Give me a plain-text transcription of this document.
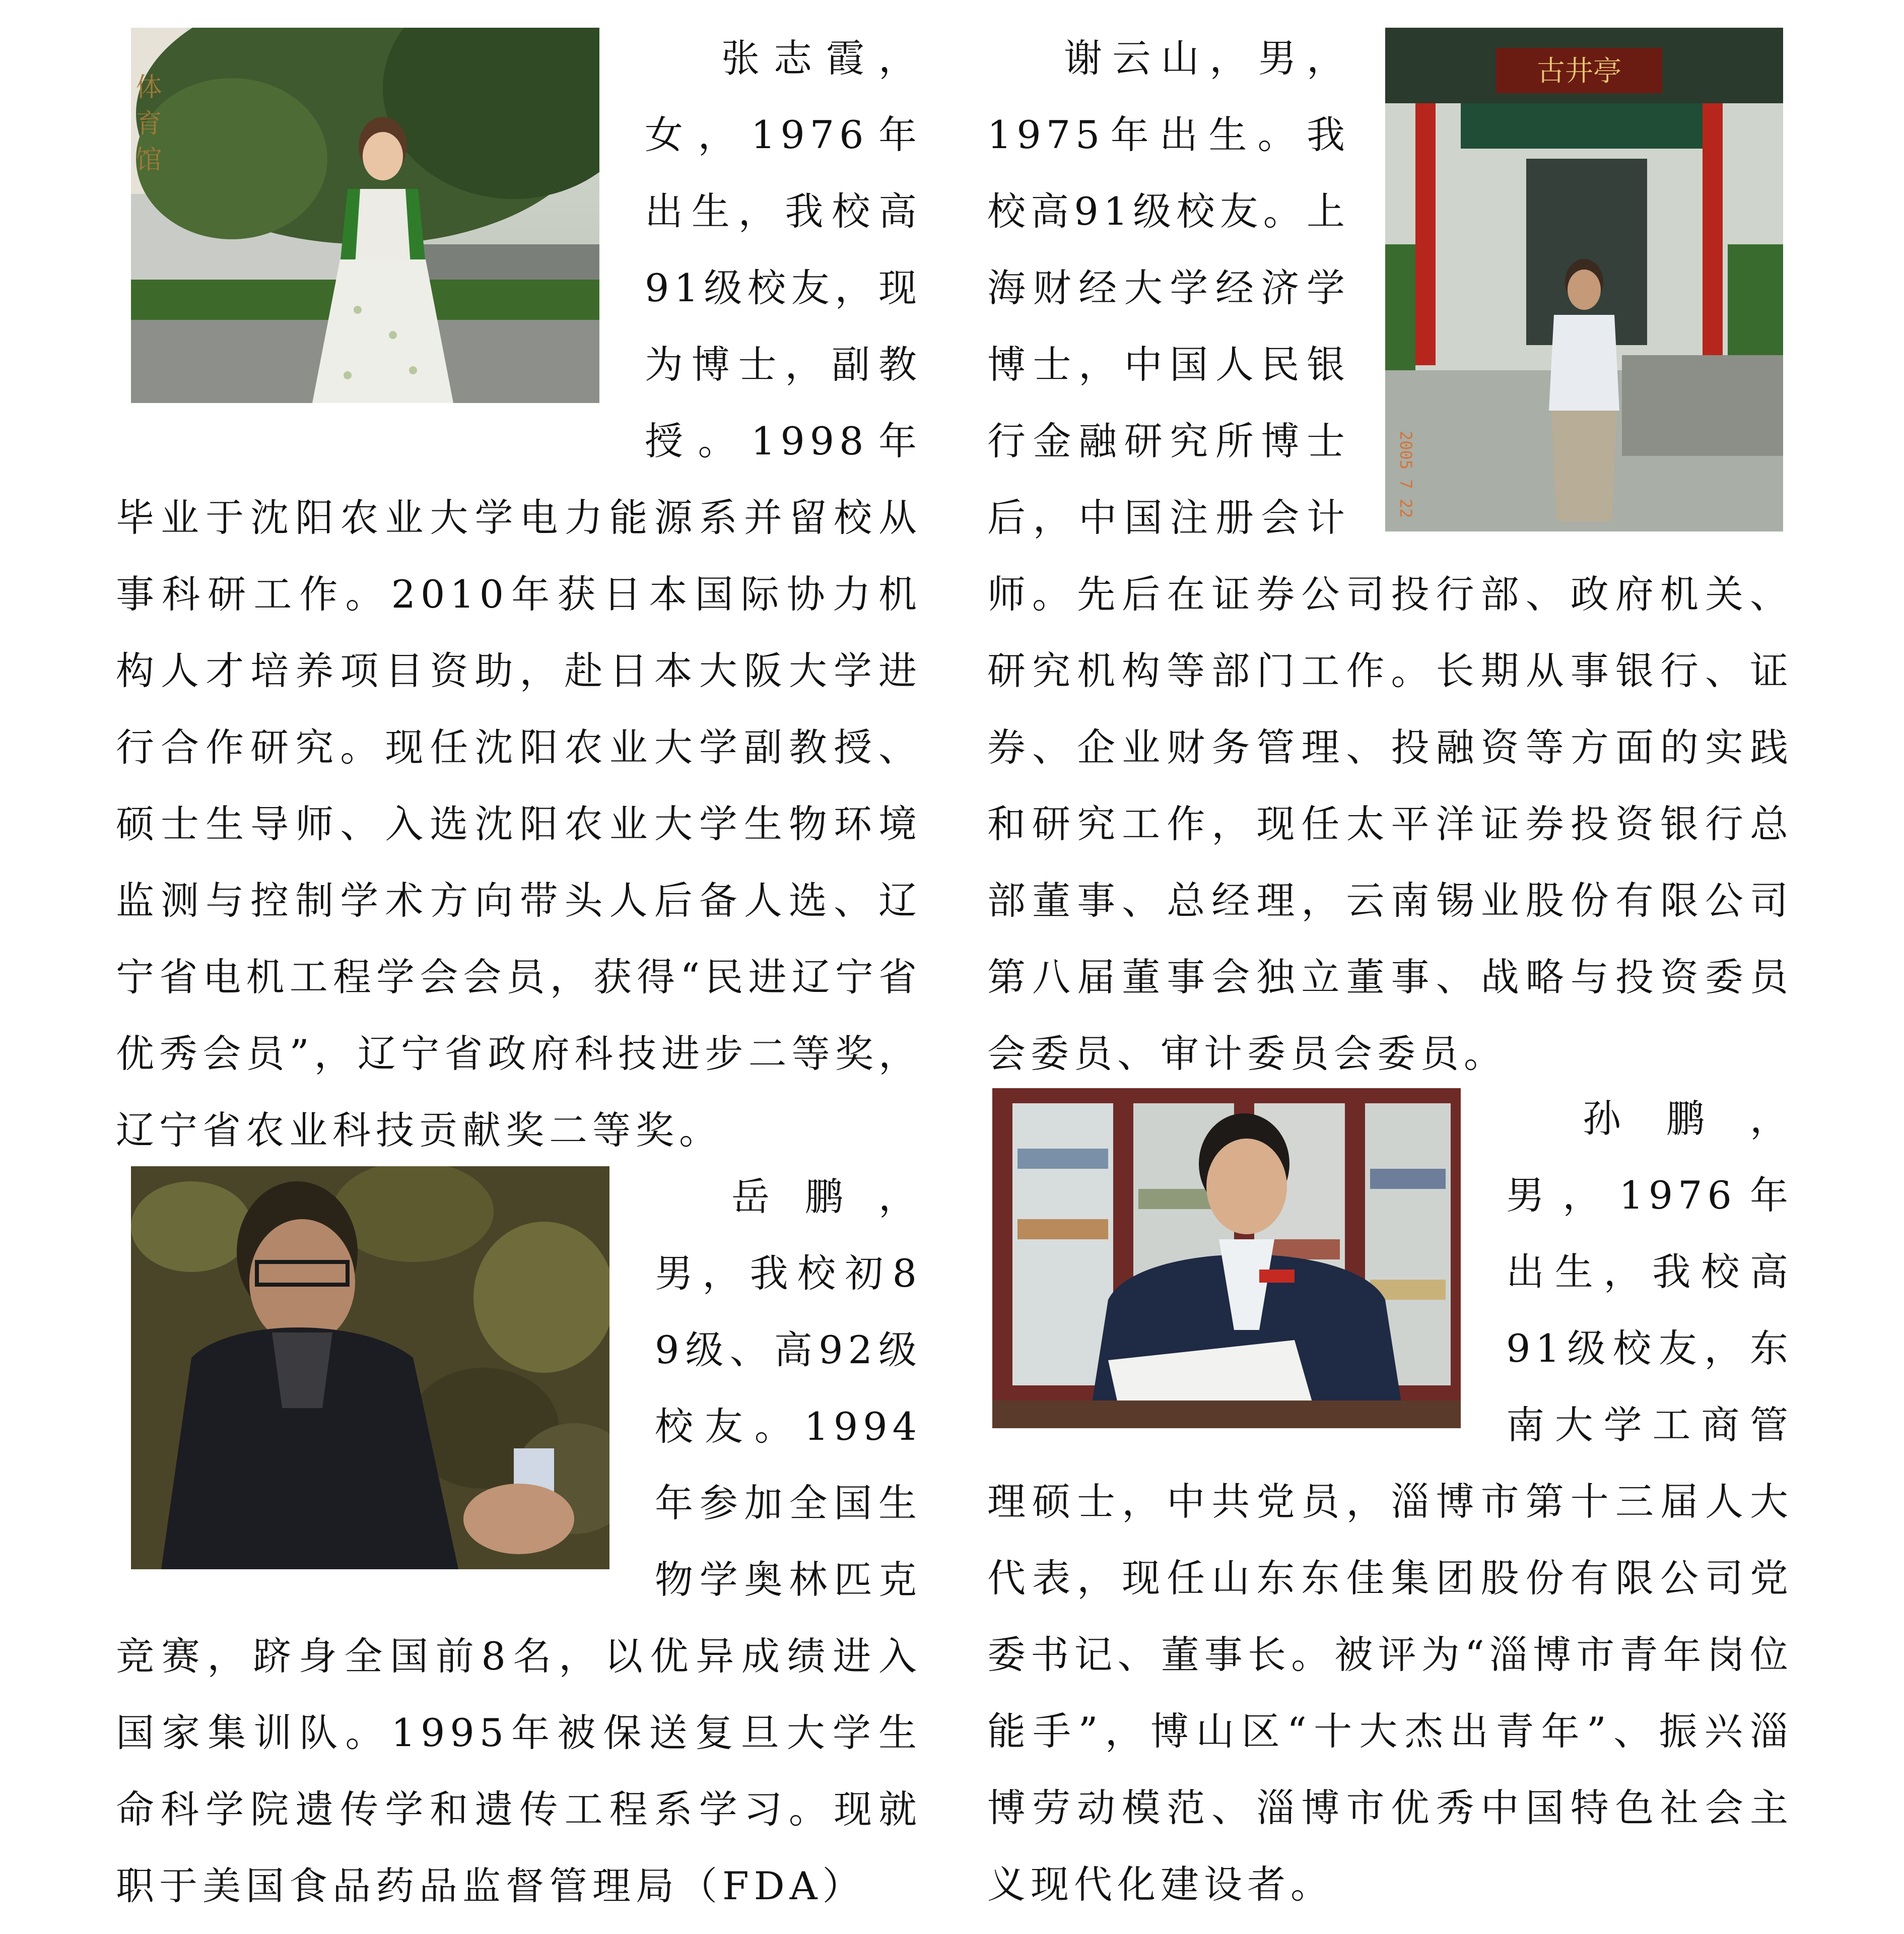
体育馆

张志霞，女，1976年出生，我校高91级校友，现为博士，副教授。1998年毕业于沈阳农业大学电力能源系并留校从事科研工作。2010年获日本国际协力机构人才培养项目资助，赴日本大阪大学进行合作研究。现任沈阳农业大学副教授、硕士生导师、入选沈阳农业大学生物环境监测与控制学术方向带头人后备人选、辽宁省电机工程学会会员，获得“民进辽宁省优秀会员”，辽宁省政府科技进步二等奖，辽宁省农业科技贡献奖二等奖。

古井亭
2005 7 22

谢云山，男，1975年出生。我校高91级校友。上海财经大学经济学博士，中国人民银行金融研究所博士后，中国注册会计师。先后在证券公司投行部、政府机关、研究机构等部门工作。长期从事银行、证券、企业财务管理、投融资等方面的实践和研究工作，现任太平洋证券投资银行总部董事、总经理，云南锡业股份有限公司第八届董事会独立董事、战略与投资委员会委员、审计委员会委员。

岳鹏，男，我校初89级、高92级校友。1994年参加全国生物学奥林匹克竞赛，跻身全国前8名，以优异成绩进入国家集训队。1995年被保送复旦大学生命科学院遗传学和遗传工程系学习。现就职于美国食品药品监督管理局（FDA）

孙鹏，男，1976年出生，我校高91级校友，东南大学工商管理硕士，中共党员，淄博市第十三届人大代表，现任山东东佳集团股份有限公司党委书记、董事长。被评为“淄博市青年岗位能手”，博山区“十大杰出青年”、振兴淄博劳动模范、淄博市优秀中国特色社会主义现代化建设者。
